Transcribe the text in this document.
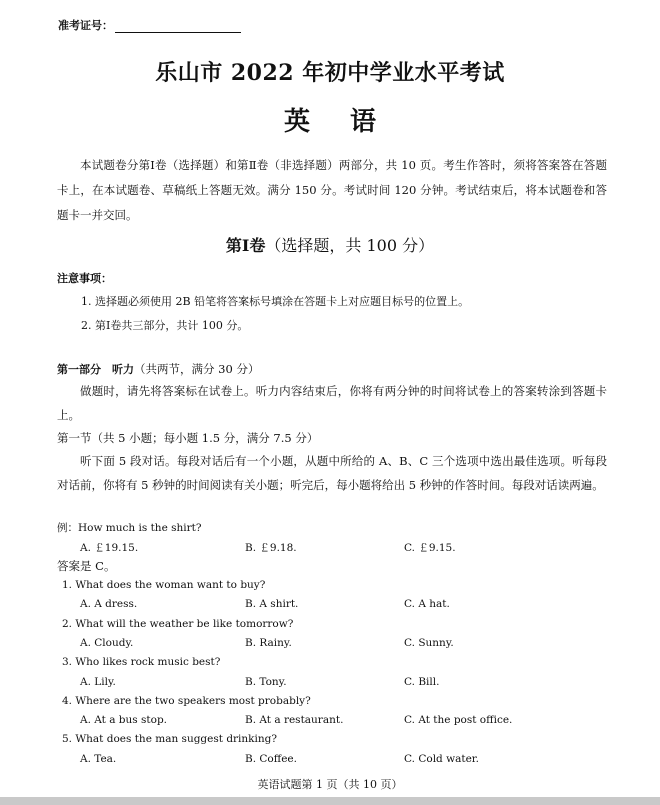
准考证号：
乐山市 2022 年初中学业水平考试
英 语
本试题卷分第Ⅰ卷（选择题）和第Ⅱ卷（非选择题）两部分，共 10 页。考生作答时，须将答案答在答题卡上，在本试题卷、草稿纸上答题无效。满分 150 分。考试时间 120 分钟。考试结束后，将本试题卷和答题卡一并交回。
第Ⅰ卷（选择题，共 100 分）
注意事项：
1. 选择题必须使用 2B 铅笔将答案标号填涂在答题卡上对应题目标号的位置上。
2. 第Ⅰ卷共三部分，共计 100 分。
第一部分　听力（共两节，满分 30 分）
做题时，请先将答案标在试卷上。听力内容结束后，你将有两分钟的时间将试卷上的答案转涂到答题卡上。
第一节（共 5 小题；每小题 1.5 分，满分 7.5 分）
听下面 5 段对话。每段对话后有一个小题，从题中所给的 A、B、C 三个选项中选出最佳选项。听每段对话前，你将有 5 秒钟的时间阅读有关小题；听完后，每小题将给出 5 秒钟的作答时间。每段对话读两遍。
例：How much is the shirt?
A. ￡19.15.	B. ￡9.18.	C. ￡9.15.
答案是 C。
1. What does the woman want to buy?
A. A dress.	B. A shirt.	C. A hat.
2. What will the weather be like tomorrow?
A. Cloudy.	B. Rainy.	C. Sunny.
3. Who likes rock music best?
A. Lily.	B. Tony.	C. Bill.
4. Where are the two speakers most probably?
A. At a bus stop.	B. At a restaurant.	C. At the post office.
5. What does the man suggest drinking?
A. Tea.	B. Coffee.	C. Cold water.
英语试题第 1 页（共 10 页）
